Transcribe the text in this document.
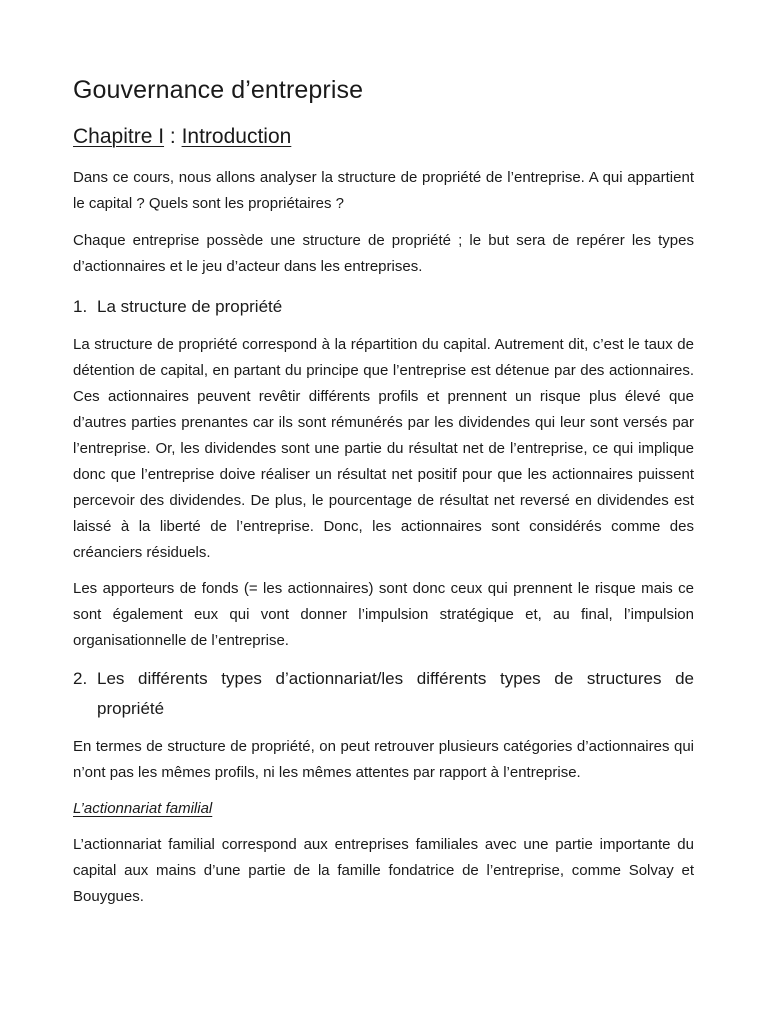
Gouvernance d’entreprise
Chapitre I : Introduction

Dans ce cours, nous allons analyser la structure de propriété de l’entreprise. A qui appartient le capital ? Quels sont les propriétaires ?

Chaque entreprise possède une structure de propriété ; le but sera de repérer les types d’actionnaires et le jeu d’acteur dans les entreprises.

1. La structure de propriété

La structure de propriété correspond à la répartition du capital. Autrement dit, c’est le taux de détention de capital, en partant du principe que l’entreprise est détenue par des actionnaires. Ces actionnaires peuvent revêtir différents profils et prennent un risque plus élevé que d’autres parties prenantes car ils sont rémunérés par les dividendes qui leur sont versés par l’entreprise. Or, les dividendes sont une partie du résultat net de l’entreprise, ce qui implique donc que l’entreprise doive réaliser un résultat net positif pour que les actionnaires puissent percevoir des dividendes. De plus, le pourcentage de résultat net reversé en dividendes est laissé à la liberté de l’entreprise. Donc, les actionnaires sont considérés comme des créanciers résiduels.

Les apporteurs de fonds (= les actionnaires) sont donc ceux qui prennent le risque mais ce sont également eux qui vont donner l’impulsion stratégique et, au final, l’impulsion organisationnelle de l’entreprise.

2. Les différents types d’actionnariat/les différents types de structures de propriété

En termes de structure de propriété, on peut retrouver plusieurs catégories d’actionnaires qui n’ont pas les mêmes profils, ni les mêmes attentes par rapport à l’entreprise.

L’actionnariat familial

L’actionnariat familial correspond aux entreprises familiales avec une partie importante du capital aux mains d’une partie de la famille fondatrice de l’entreprise, comme Solvay et Bouygues.
